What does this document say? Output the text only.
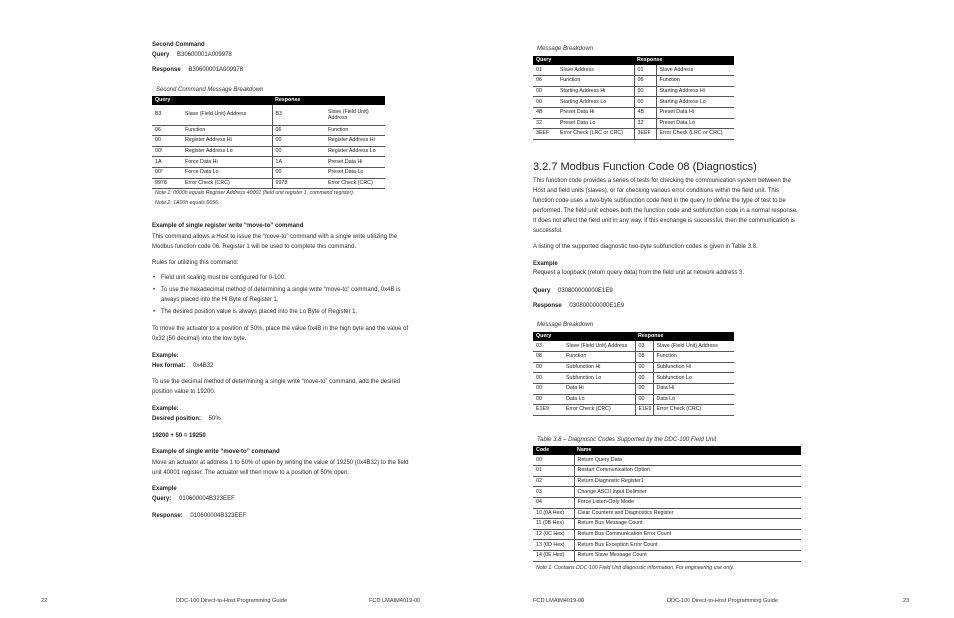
Second Command
Query B30600001A009978
Response B30600001A009978
Second Command Message Breakdown
Query		Response	
B3	Slave (Field Unit) Address	B3	Slave (Field Unit) Address
06	Function	06	Function
00	Register Address Hi	00	Register Address Hi
00¹	Register Address Lo	00	Register Address Lo
1A	Force Data Hi	1A	Preset Data Hi
00²	Force Data Lo	00	Preset Data Lo
9978	Error Check (CRC)	9978	Error Check (CRC)
Note 1: 0000h equals Register Address 40001 (field unit register 1, command register).
Note 2: 1A00h equals 6656.
Example of single register write “move-to” command
This command allows a Host to issue the “move-to” command with a single write utilizing the Modbus function code 06. Register 1 will be used to complete this command.
Rules for utilizing this command:
• Field unit scaling must be configured for 0-100.
• To use the hexadecimal method of determining a single write “move-to” command, 0x4B is always placed into the Hi Byte of Register 1.
• The desired position value is always placed into the Lo Byte of Register 1.
To move the actuator to a position of 50%, place the value 0x4B in the high byte and the value of 0x32 (50 decimal) into the low byte.
Example:
Hex format: 0x4B32
To use the decimal method of determining a single write “move-to” command, add the desired position value to 19200.
Example:
Desired position: 50%
19200 + 50 = 19250
Example of single write “move-to” command
Move an actuator at address 1 to 50% of open by writing the value of 19250 (0x4B32) to the field unit 40001 register. The actuator will then move to a position of 50% open.
Example
Query: 010600004B323EEF
Response: 010600004B323EEF
22	DDC-100 Direct-to-Host Programming Guide	FCD LMAIM4019-00
Message Breakdown
Query		Response	
01	Slave Address	01	Slave Address
06	Function	06	Function
00	Starting Address Hi	00	Starting Address Hi
00	Starting Address Lo	00	Starting Address Lo
4B	Preset Data Hi	4B	Preset Data Hi
32	Preset Data Lo	32	Preset Data Lo
3EEF	Error Check (LRC or CRC)	3EEF	Error Check (LRC or CRC)
3.2.7 Modbus Function Code 08 (Diagnostics)
This function code provides a series of tests for checking the communication system between the Host and field units (slaves), or for checking various error conditions within the field unit. This function code uses a two-byte subfunction code field in the query to define the type of test to be performed. The field unit echoes both the function code and subfunction code in a normal response. It does not affect the field unit in any way. If this exchange is successful, then the communication is successful.
A listing of the supported diagnostic two-byte subfunction codes is given in Table 3.8.
Example
Request a loopback (return query data) from the field unit at network address 3.
Query 030800000000E1E9
Response 030800000000E1E9
Message Breakdown
Query		Response	
03	Slave (Field Unit) Address	03	Slave (Field Unit) Address
08	Function	08	Function
00	Subfunction Hi	00	Subfunction Hi
00	Subfunction Lo	00	Subfunction Lo
00	Data Hi	00	Data Hi
00	Data Lo	00	Data Lo
E1E9	Error Check (CRC)	E1E9	Error Check (CRC)
Table 3.8 – Diagnostic Codes Supported by the DDC-100 Field Unit
Code	Name
00	Return Query Data
01	Restart Communication Option
02	Return Diagnostic Register1
03	Change ASCII Input Delimiter
04	Force Listen-Only Mode
10 (0A Hex)	Clear Counters and Diagnostics Register
11 (0B Hex)	Return Bus Message Count
12 (0C Hex)	Return Bus Communication Error Count
13 (0D Hex)	Return Bus Exception Error Count
14 (0E Hex)	Return Slave Message Count
Note 1: Contains DDC-100 Field Unit diagnostic information. For engineering use only.
FCD LMAIM4019-00	DDC-100 Direct-to-Host Programming Guide	23
